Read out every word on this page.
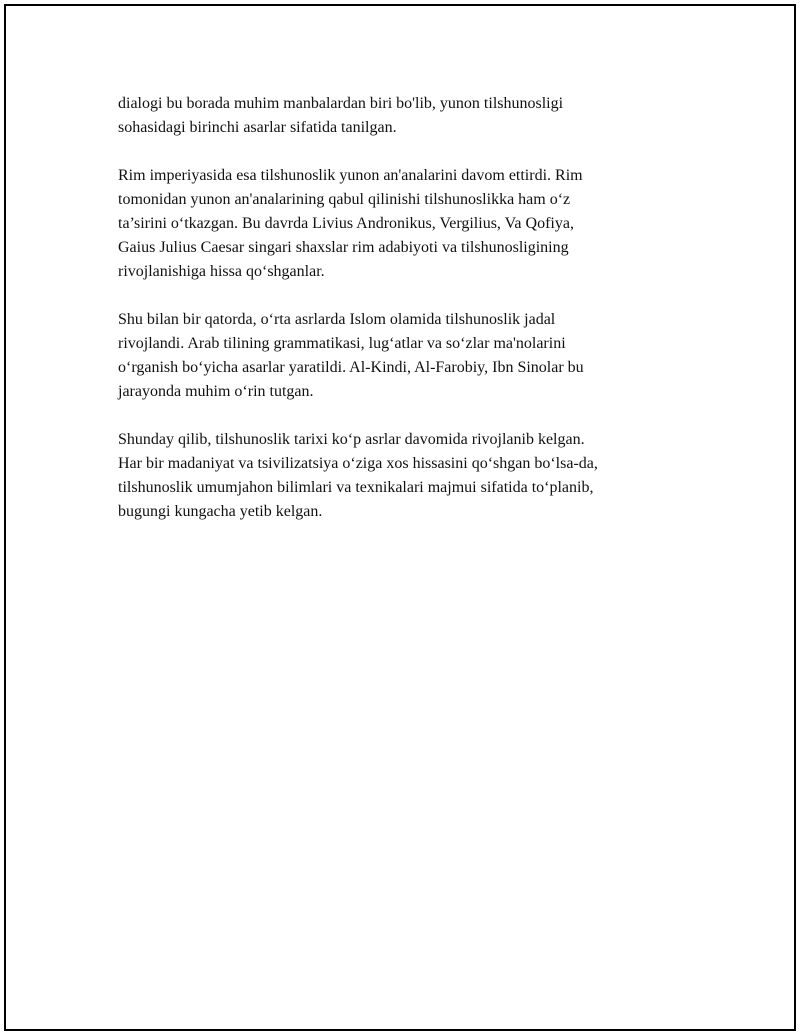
dialogi bu borada muhim manbalardan biri bo'lib, yunon tilshunosligi
sohasidagi birinchi asarlar sifatida tanilgan.

Rim imperiyasida esa tilshunoslik yunon an'analarini davom ettirdi. Rim
tomonidan yunon an'analarining qabul qilinishi tilshunoslikka ham o‘z
ta’sirini o‘tkazgan. Bu davrda Livius Andronikus, Vergilius, Va Qofiya,
Gaius Julius Caesar singari shaxslar rim adabiyoti va tilshunosligining
rivojlanishiga hissa qo‘shganlar.

Shu bilan bir qatorda, o‘rta asrlarda Islom olamida tilshunoslik jadal
rivojlandi. Arab tilining grammatikasi, lug‘atlar va so‘zlar ma'nolarini
o‘rganish bo‘yicha asarlar yaratildi. Al-Kindi, Al-Farobiy, Ibn Sinolar bu
jarayonda muhim o‘rin tutgan.

Shunday qilib, tilshunoslik tarixi ko‘p asrlar davomida rivojlanib kelgan.
Har bir madaniyat va tsivilizatsiya o‘ziga xos hissasini qo‘shgan bo‘lsa-da,
tilshunoslik umumjahon bilimlari va texnikalari majmui sifatida to‘planib,
bugungi kungacha yetib kelgan.
